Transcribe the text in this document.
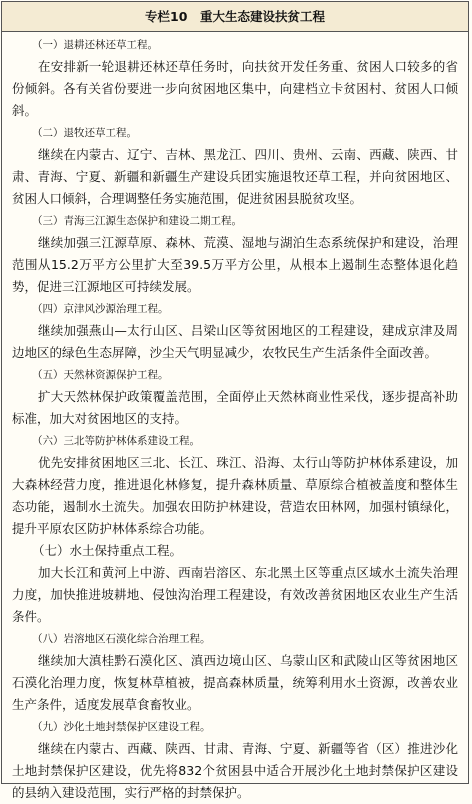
专栏10　重大生态建设扶贫工程
（一）退耕还林还草工程。
在安排新一轮退耕还林还草任务时，向扶贫开发任务重、贫困人口较多的省份倾斜。各有关省份要进一步向贫困地区集中，向建档立卡贫困村、贫困人口倾斜。
（二）退牧还草工程。
继续在内蒙古、辽宁、吉林、黑龙江、四川、贵州、云南、西藏、陕西、甘肃、青海、宁夏、新疆和新疆生产建设兵团实施退牧还草工程，并向贫困地区、贫困人口倾斜，合理调整任务实施范围，促进贫困县脱贫攻坚。
（三）青海三江源生态保护和建设二期工程。
继续加强三江源草原、森林、荒漠、湿地与湖泊生态系统保护和建设，治理范围从15.2万平方公里扩大至39.5万平方公里，从根本上遏制生态整体退化趋势，促进三江源地区可持续发展。
（四）京津风沙源治理工程。
继续加强燕山—太行山区、吕梁山区等贫困地区的工程建设，建成京津及周边地区的绿色生态屏障，沙尘天气明显减少，农牧民生产生活条件全面改善。
（五）天然林资源保护工程。
扩大天然林保护政策覆盖范围，全面停止天然林商业性采伐，逐步提高补助标准，加大对贫困地区的支持。
（六）三北等防护林体系建设工程。
优先安排贫困地区三北、长江、珠江、沿海、太行山等防护林体系建设，加大森林经营力度，推进退化林修复，提升森林质量、草原综合植被盖度和整体生态功能，遏制水土流失。加强农田防护林建设，营造农田林网，加强村镇绿化，提升平原农区防护林体系综合功能。
（七）水土保持重点工程。
加大长江和黄河上中游、西南岩溶区、东北黑土区等重点区域水土流失治理力度，加快推进坡耕地、侵蚀沟治理工程建设，有效改善贫困地区农业生产生活条件。
（八）岩溶地区石漠化综合治理工程。
继续加大滇桂黔石漠化区、滇西边境山区、乌蒙山区和武陵山区等贫困地区石漠化治理力度，恢复林草植被，提高森林质量，统筹利用水土资源，改善农业生产条件，适度发展草食畜牧业。
（九）沙化土地封禁保护区建设工程。
继续在内蒙古、西藏、陕西、甘肃、青海、宁夏、新疆等省（区）推进沙化土地封禁保护区建设，优先将832个贫困县中适合开展沙化土地封禁保护区建设的县纳入建设范围，实行严格的封禁保护。
